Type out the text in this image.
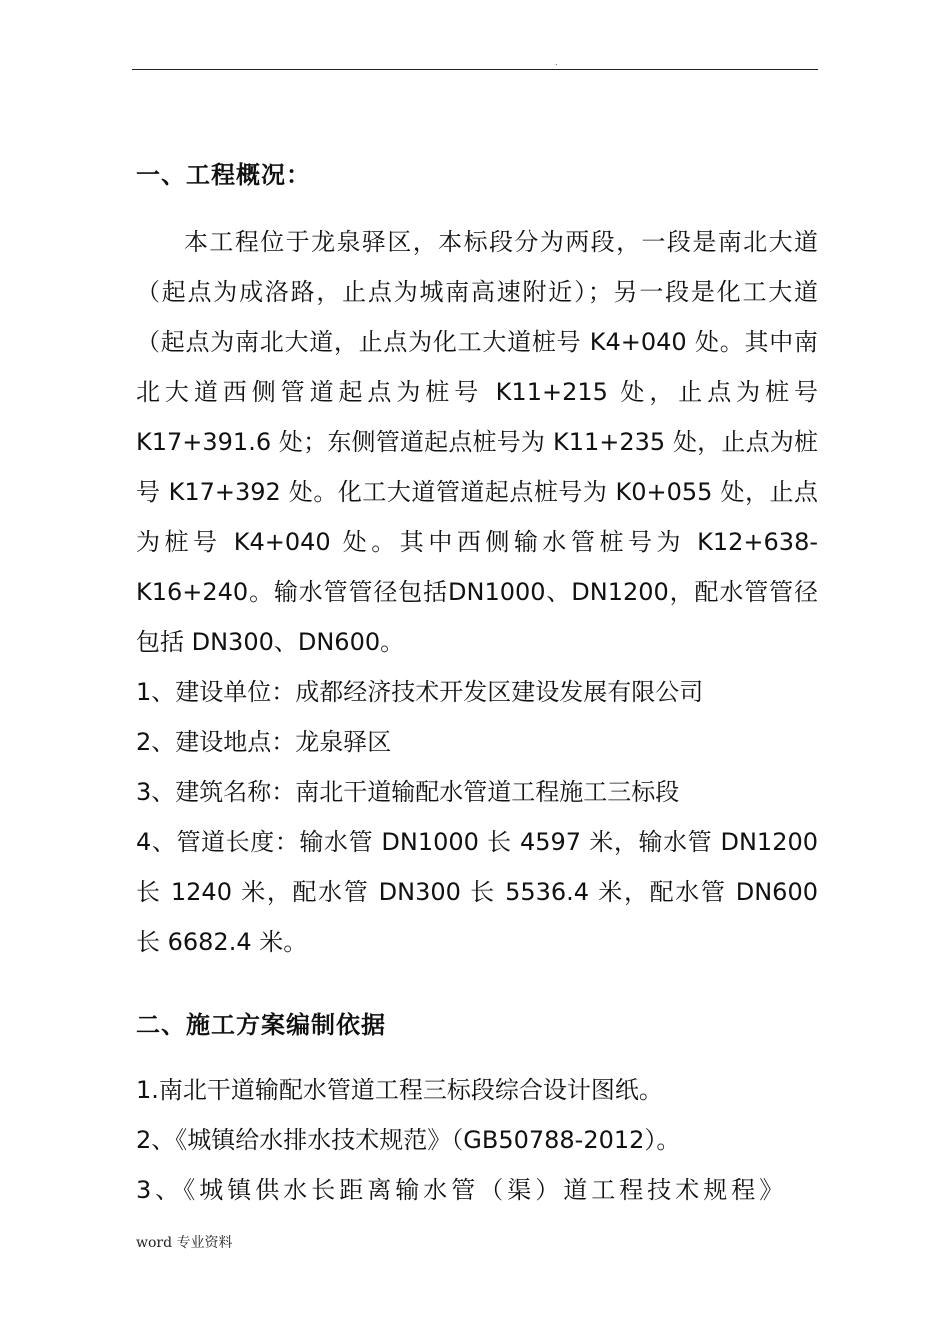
.
一、工程概况：
本工程位于龙泉驿区，本标段分为两段，一段是南北大道（起点为成洛路，止点为城南高速附近）；另一段是化工大道（起点为南北大道，止点为化工大道桩号 K4+040 处。其中南北大道西侧管道起点为桩号 K11+215 处，止点为桩号 K17+391.6 处；东侧管道起点桩号为 K11+235 处，止点为桩号 K17+392 处。化工大道管道起点桩号为 K0+055 处，止点为桩号 K4+040 处。其中西侧输水管桩号为 K12+638-K16+240。输水管管径包括DN1000、DN1200，配水管管径包括 DN300、DN600。
1、建设单位：成都经济技术开发区建设发展有限公司
2、建设地点：龙泉驿区
3、建筑名称：南北干道输配水管道工程施工三标段
4、管道长度：输水管 DN1000 长 4597 米，输水管 DN1200 长 1240 米，配水管 DN300 长 5536.4 米，配水管 DN600 长 6682.4 米。
二、施工方案编制依据
1.南北干道输配水管道工程三标段综合设计图纸。
2、《城镇给水排水技术规范》（GB50788-2012）。
3、《城镇供水长距离输水管（渠）道工程技术规程》
word 专业资料
